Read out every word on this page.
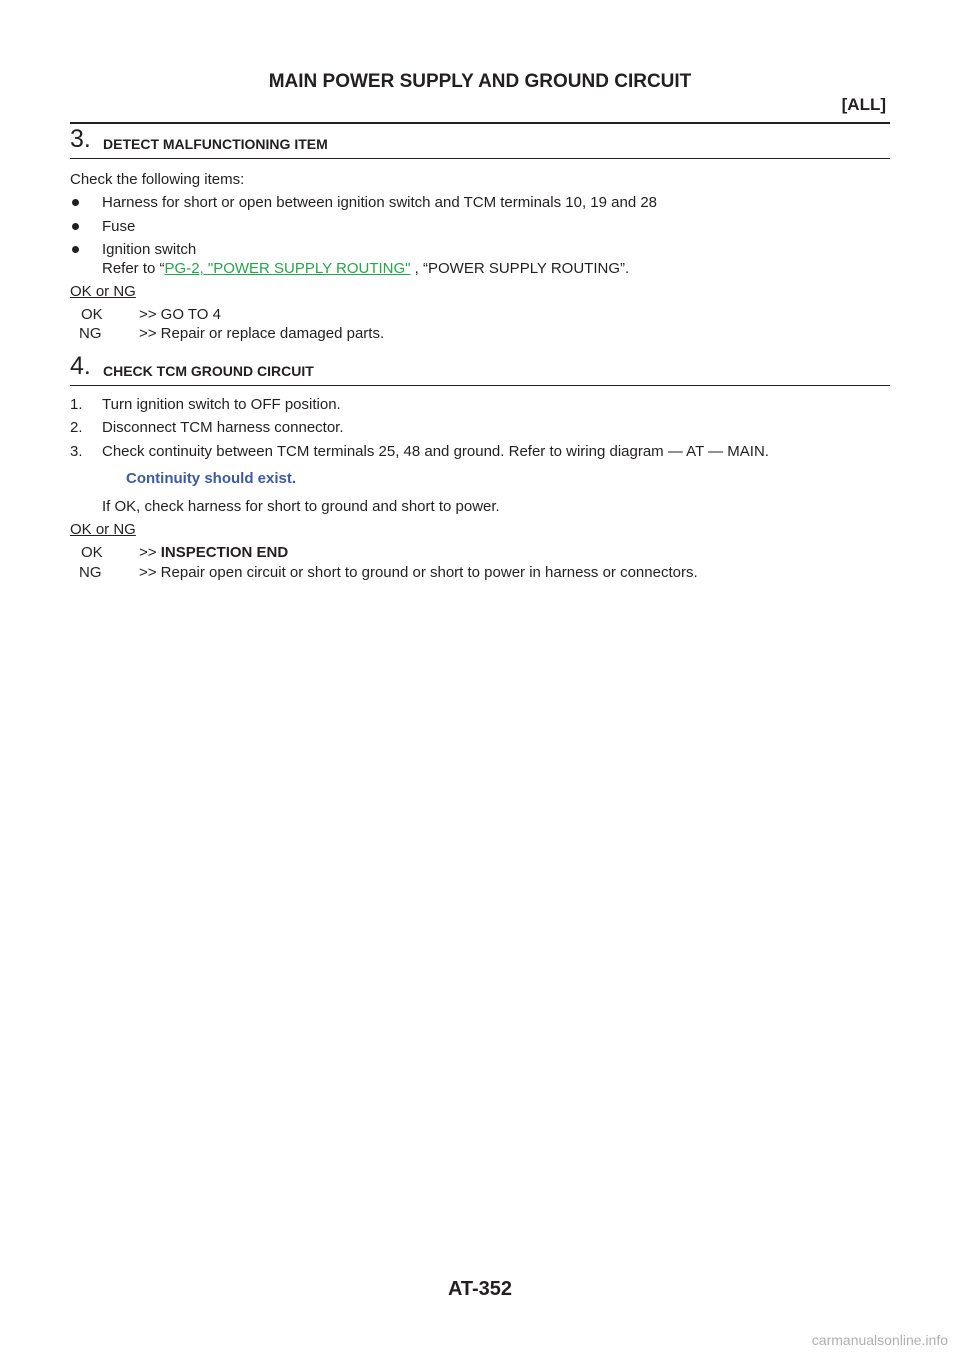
MAIN POWER SUPPLY AND GROUND CIRCUIT
[ALL]
3. DETECT MALFUNCTIONING ITEM
Check the following items:
Harness for short or open between ignition switch and TCM terminals 10, 19 and 28
Fuse
Ignition switch
Refer to “PG-2, "POWER SUPPLY ROUTING" , “POWER SUPPLY ROUTING”.
OK or NG
OK >> GO TO 4
NG	>> Repair or replace damaged parts.
4. CHECK TCM GROUND CIRCUIT
1. Turn ignition switch to OFF position.
2. Disconnect TCM harness connector.
3. Check continuity between TCM terminals 25, 48 and ground. Refer to wiring diagram — AT — MAIN.
Continuity should exist.
If OK, check harness for short to ground and short to power.
OK or NG
OK >> INSPECTION END
NG	>> Repair open circuit or short to ground or short to power in harness or connectors.
AT-352
carmanualsonline.info
